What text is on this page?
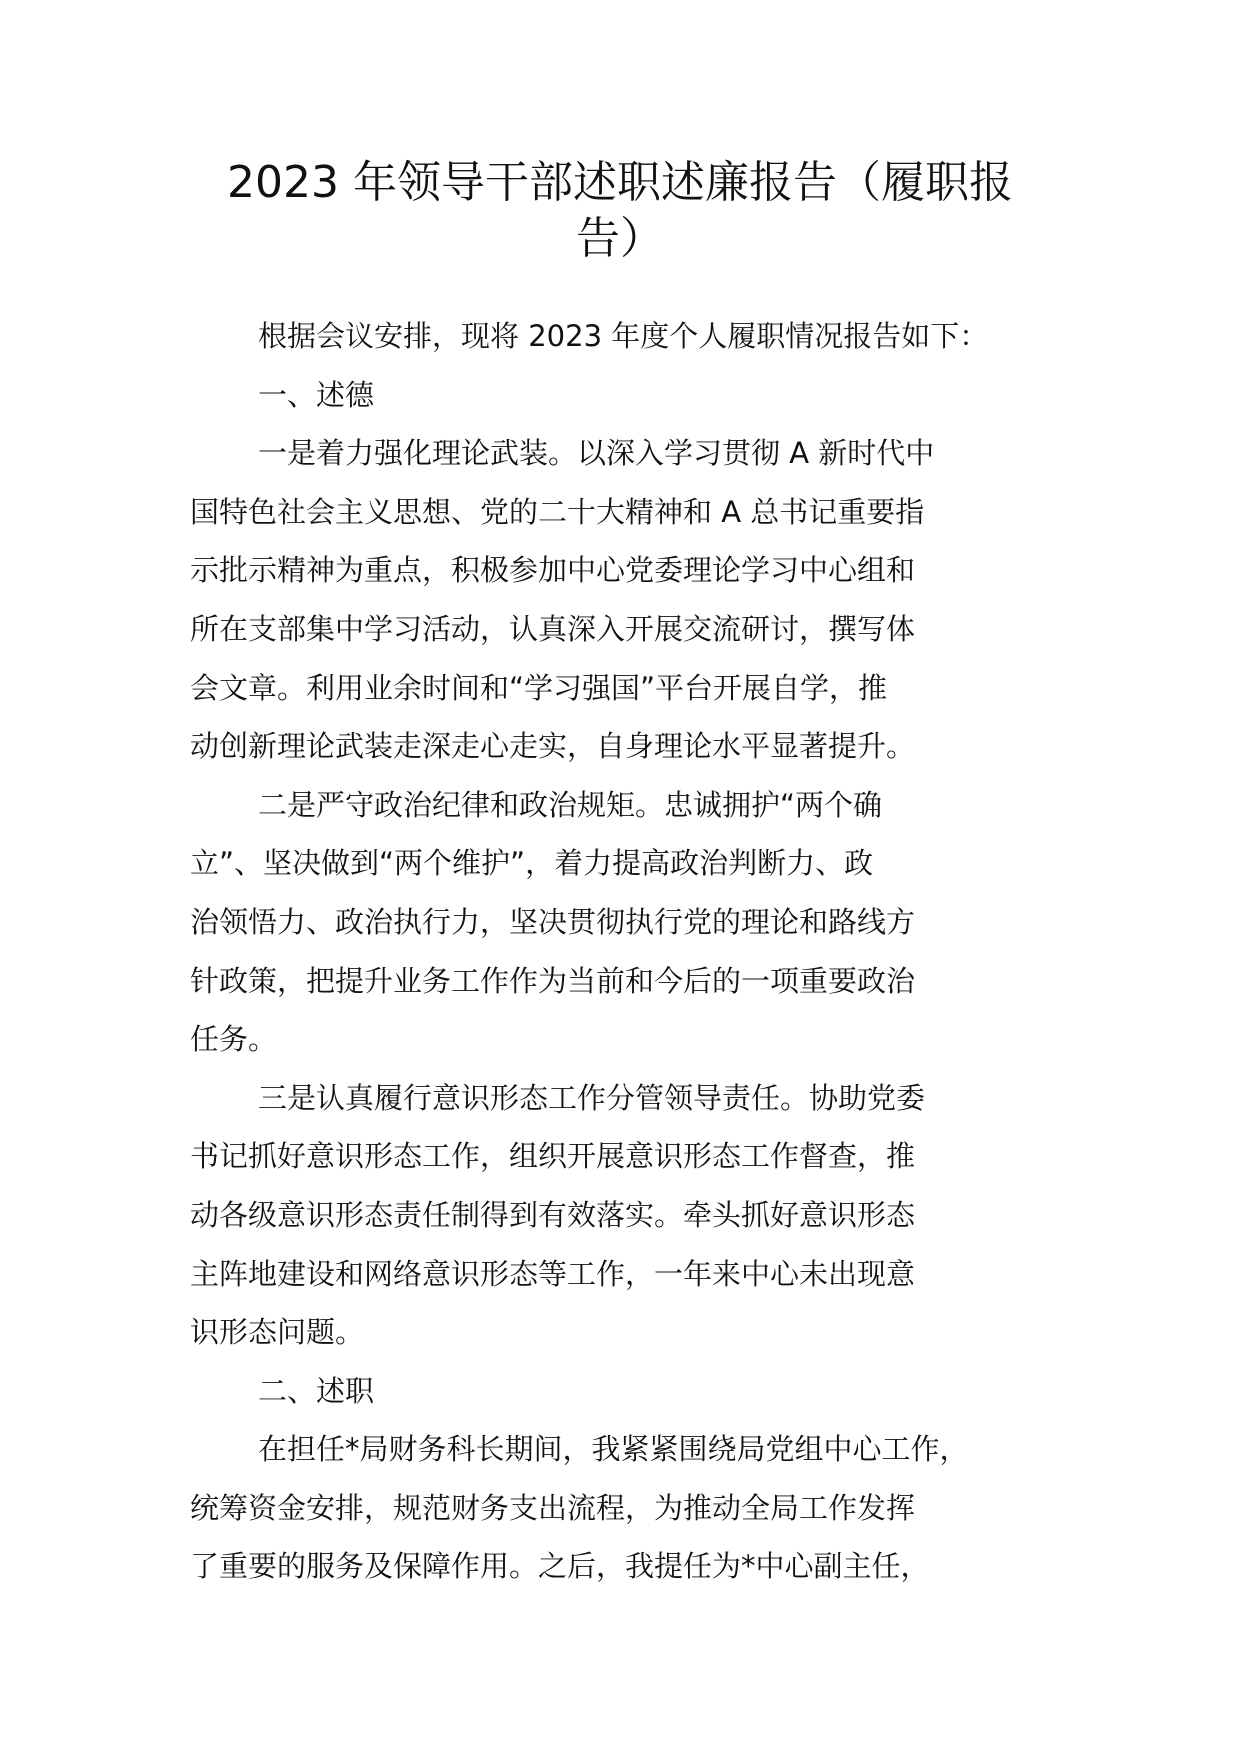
2023 年领导干部述职述廉报告（履职报
告）
根据会议安排，现将 2023 年度个人履职情况报告如下：
一、述德
一是着力强化理论武装。以深入学习贯彻 A 新时代中
国特色社会主义思想、党的二十大精神和 A 总书记重要指
示批示精神为重点，积极参加中心党委理论学习中心组和
所在支部集中学习活动，认真深入开展交流研讨，撰写体
会文章。利用业余时间和“学习强国”平台开展自学，推
动创新理论武装走深走心走实，自身理论水平显著提升。
二是严守政治纪律和政治规矩。忠诚拥护“两个确
立”、坚决做到“两个维护”，着力提高政治判断力、政
治领悟力、政治执行力，坚决贯彻执行党的理论和路线方
针政策，把提升业务工作作为当前和今后的一项重要政治
任务。
三是认真履行意识形态工作分管领导责任。协助党委
书记抓好意识形态工作，组织开展意识形态工作督查，推
动各级意识形态责任制得到有效落实。牵头抓好意识形态
主阵地建设和网络意识形态等工作，一年来中心未出现意
识形态问题。
二、述职
在担任*局财务科长期间，我紧紧围绕局党组中心工作，
统筹资金安排，规范财务支出流程，为推动全局工作发挥
了重要的服务及保障作用。之后，我提任为*中心副主任，
